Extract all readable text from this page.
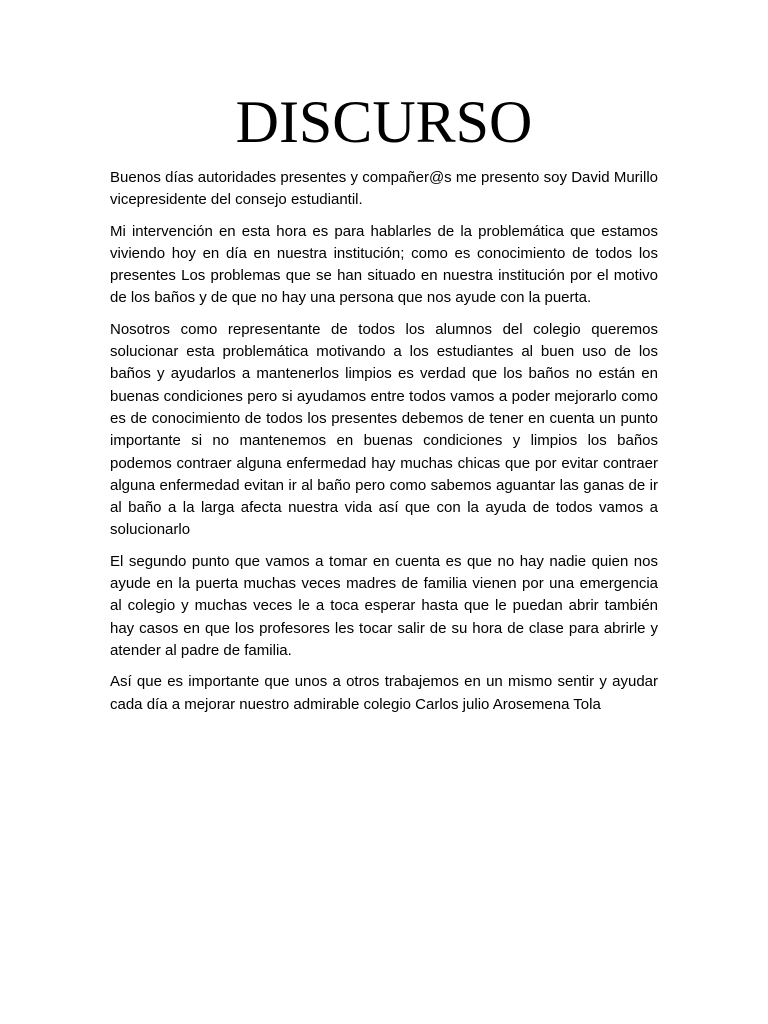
DISCURSO

Buenos días autoridades presentes y compañer@s me presento soy David Murillo vicepresidente del consejo estudiantil.

Mi intervención en esta hora es para hablarles de la problemática que estamos viviendo hoy en día en nuestra institución; como es conocimiento de todos los presentes Los problemas que se han situado en nuestra institución por el motivo de los baños y de que no hay una persona que nos ayude con la puerta.

Nosotros como representante de todos los alumnos del colegio queremos solucionar esta problemática motivando a los estudiantes al buen uso de los baños y ayudarlos a mantenerlos limpios es verdad que los baños no están en buenas condiciones pero si ayudamos entre todos vamos a poder mejorarlo como es de conocimiento de todos los presentes debemos de tener en cuenta un punto importante si no mantenemos en buenas condiciones y limpios los baños podemos contraer alguna enfermedad hay muchas chicas que por evitar contraer alguna enfermedad evitan ir al baño pero como sabemos aguantar las ganas de ir al baño a la larga afecta nuestra vida así que con la ayuda de todos vamos a solucionarlo

El segundo punto que vamos a tomar en cuenta es que no hay nadie quien nos ayude en la puerta muchas veces madres de familia vienen por una emergencia al colegio y muchas veces le a toca esperar hasta que le puedan abrir también hay casos en que los profesores les tocar salir de su hora de clase para abrirle y atender al padre de familia.

Así que es importante que unos a otros trabajemos en un mismo sentir y ayudar cada día a mejorar nuestro admirable colegio Carlos julio Arosemena Tola
